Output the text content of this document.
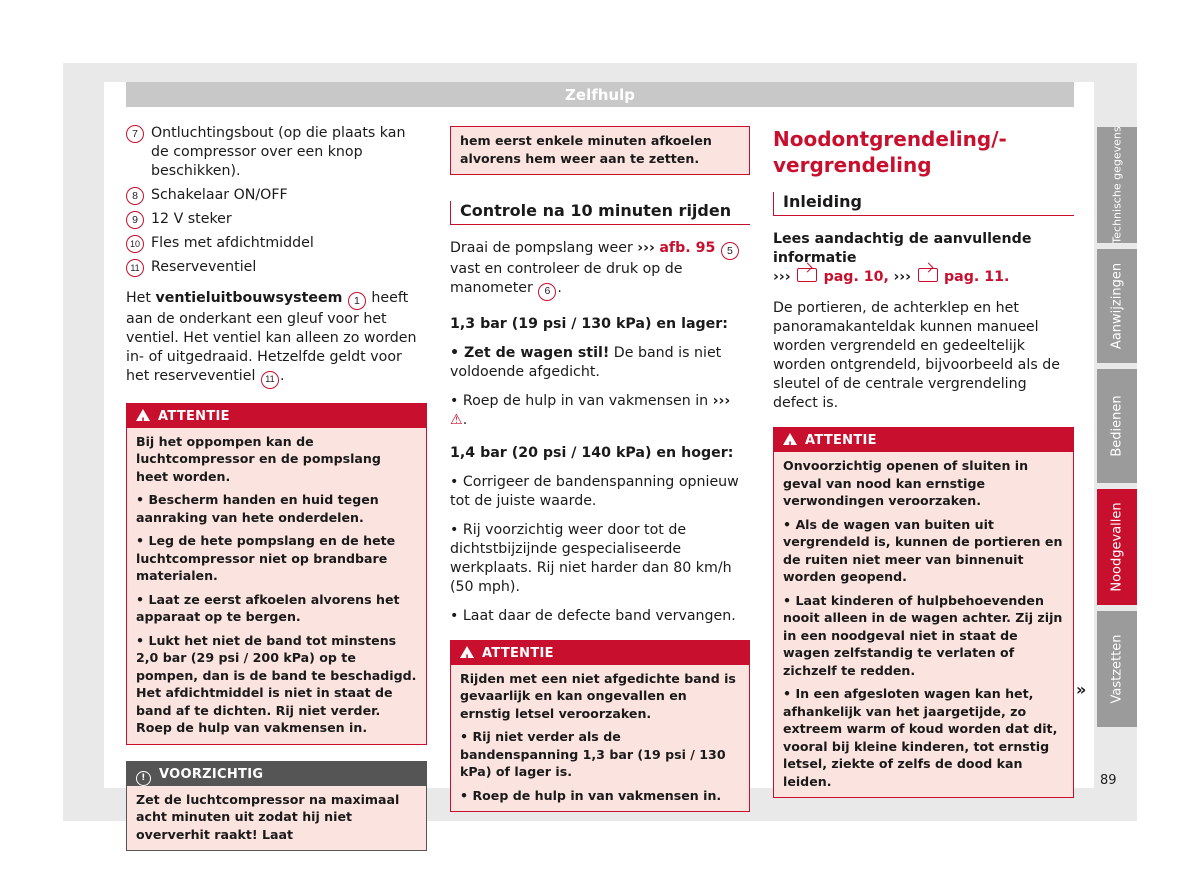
Zelfhulp
7 Ontluchtingsbout (op die plaats kan de compressor over een knop beschikken).
8 Schakelaar ON/OFF
9 12 V steker
10 Fles met afdichtmiddel
11 Reserveventiel

Het ventieluitbouwsysteem 1 heeft aan de onderkant een gleuf voor het ventiel. Het ventiel kan alleen zo worden in- of uitgedraaid. Hetzelfde geldt voor het reserveventiel 11 .

!ATTENTIE

Bij het oppompen kan de luchtcompressor en de pompslang heet worden.

• Bescherm handen en huid tegen aanraking van hete onderdelen.

• Leg de hete pompslang en de hete luchtcompressor niet op brandbare materialen.

• Laat ze eerst afkoelen alvorens het apparaat op te bergen.

• Lukt het niet de band tot minstens 2,0 bar (29 psi / 200 kPa) op te pompen, dan is de band te beschadigd. Het afdichtmiddel is niet in staat de band af te dichten. Rij niet verder. Roep de hulp van vakmensen in.

! VOORZICHTIG

Zet de luchtcompressor na maximaal acht minuten uit zodat hij niet oververhit raakt! Laat

hem eerst enkele minuten afkoelen alvorens hem weer aan te zetten.

Controle na 10 minuten rijden

Draai de pompslang weer ››› afb. 95 5 vast en controleer de druk op de manometer 6 .

1,3 bar (19 psi / 130 kPa) en lager:

• Zet de wagen stil! De band is niet voldoende afgedicht.

• Roep de hulp in van vakmensen in ››› ⚠.

1,4 bar (20 psi / 140 kPa) en hoger:

• Corrigeer de bandenspanning opnieuw tot de juiste waarde.

• Rij voorzichtig weer door tot de dichtstbijzijnde gespecialiseerde werkplaats. Rij niet harder dan 80 km/h (50 mph).

• Laat daar de defecte band vervangen.

!ATTENTIE

Rijden met een niet afgedichte band is gevaarlijk en kan ongevallen en ernstig letsel veroorzaken.

• Rij niet verder als de bandenspanning 1,3 bar (19 psi / 130 kPa) of lager is.

• Roep de hulp in van vakmensen in.

Noodontgrendeling/-vergrendeling
Inleiding

Lees aandachtig de aanvullende informatie
››› pag. 10, ››› pag. 11.

De portieren, de achterklep en het panoramakanteldak kunnen manueel worden vergrendeld en gedeeltelijk worden ontgrendeld, bijvoorbeeld als de sleutel of de centrale vergrendeling defect is.

!ATTENTIE

Onvoorzichtig openen of sluiten in geval van nood kan ernstige verwondingen veroorzaken.

• Als de wagen van buiten uit vergrendeld is, kunnen de portieren en de ruiten niet meer van binnenuit worden geopend.

• Laat kinderen of hulpbehoevenden nooit alleen in de wagen achter. Zij zijn in een noodgeval niet in staat de wagen zelfstandig te verlaten of zichzelf te redden.

• In een afgesloten wagen kan het, afhankelijk van het jaargetijde, zo extreem warm of koud worden dat dit, vooral bij kleine kinderen, tot ernstig letsel, ziekte of zelfs de dood kan leiden.

»
Technische gegevens
Aanwijzingen
Bedienen
Noodgevallen
Vastzetten
89
